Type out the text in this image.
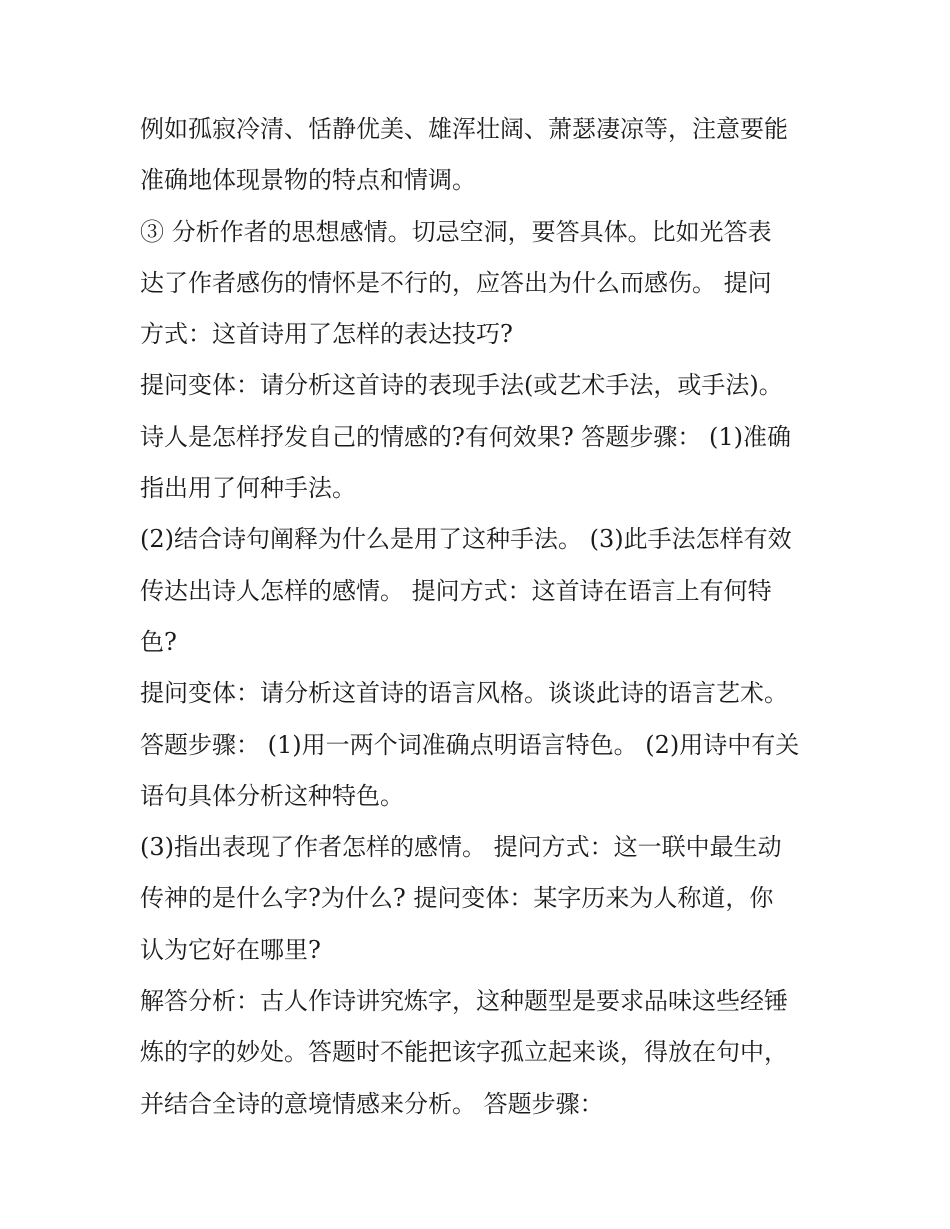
例如孤寂冷清、恬静优美、雄浑壮阔、萧瑟凄凉等，注意要能
准确地体现景物的特点和情调。
③ 分析作者的思想感情。切忌空洞，要答具体。比如光答表
达了作者感伤的情怀是不行的，应答出为什么而感伤。 提问
方式：这首诗用了怎样的表达技巧?
提问变体：请分析这首诗的表现手法(或艺术手法，或手法)。
诗人是怎样抒发自己的情感的?有何效果? 答题步骤： (1)准确
指出用了何种手法。
(2)结合诗句阐释为什么是用了这种手法。 (3)此手法怎样有效
传达出诗人怎样的感情。 提问方式：这首诗在语言上有何特
色?
提问变体：请分析这首诗的语言风格。谈谈此诗的语言艺术。
答题步骤： (1)用一两个词准确点明语言特色。 (2)用诗中有关
语句具体分析这种特色。
(3)指出表现了作者怎样的感情。 提问方式：这一联中最生动
传神的是什么字?为什么? 提问变体：某字历来为人称道，你
认为它好在哪里?
解答分析：古人作诗讲究炼字，这种题型是要求品味这些经锤
炼的字的妙处。答题时不能把该字孤立起来谈，得放在句中，
并结合全诗的意境情感来分析。 答题步骤：
